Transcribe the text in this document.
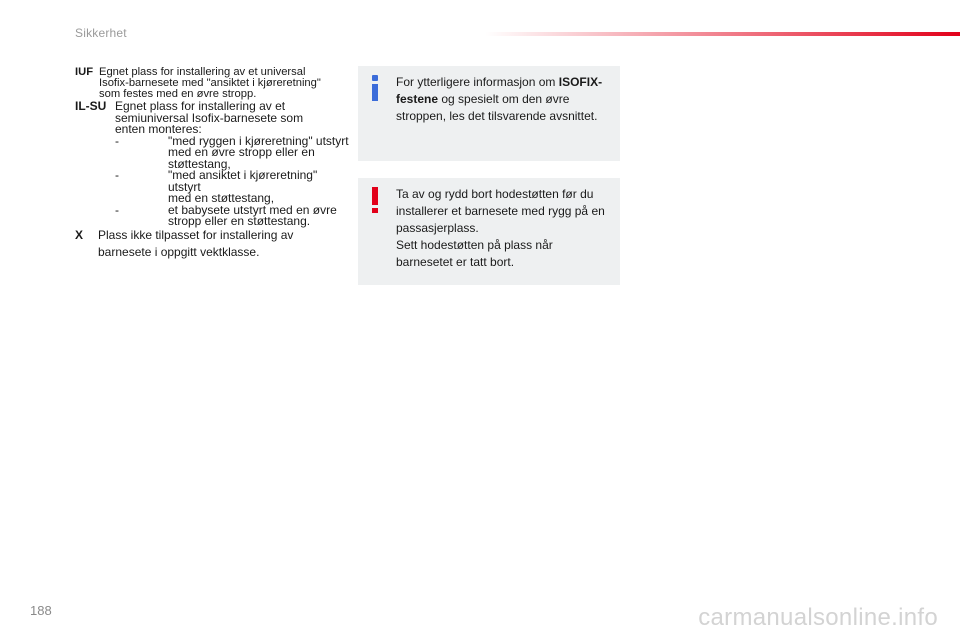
Sikkerhet
IUF Egnet plass for installering av et universal
Isofix-barnesete med "ansiktet i kjøreretning"
som festes med en øvre stropp.
IL-SU Egnet plass for installering av et
semiuniversal Isofix-barnesete som
enten monteres:
-	"med ryggen i kjøreretning" utstyrt
med en øvre stropp eller en
støttestang,
-	"med ansiktet i kjøreretning" utstyrt
med en støttestang,
-	et babysete utstyrt med en øvre
stropp eller en støttestang.
X	Plass ikke tilpasset for installering av
barnesete i oppgitt vektklasse.
For ytterligere informasjon om ISOFIX-festene og spesielt om den øvre stroppen, les det tilsvarende avsnittet.
Ta av og rydd bort hodestøtten før du installerer et barnesete med rygg på en passasjerplass.
Sett hodestøtten på plass når barnesetet er tatt bort.
188	carmanualsonline.info
